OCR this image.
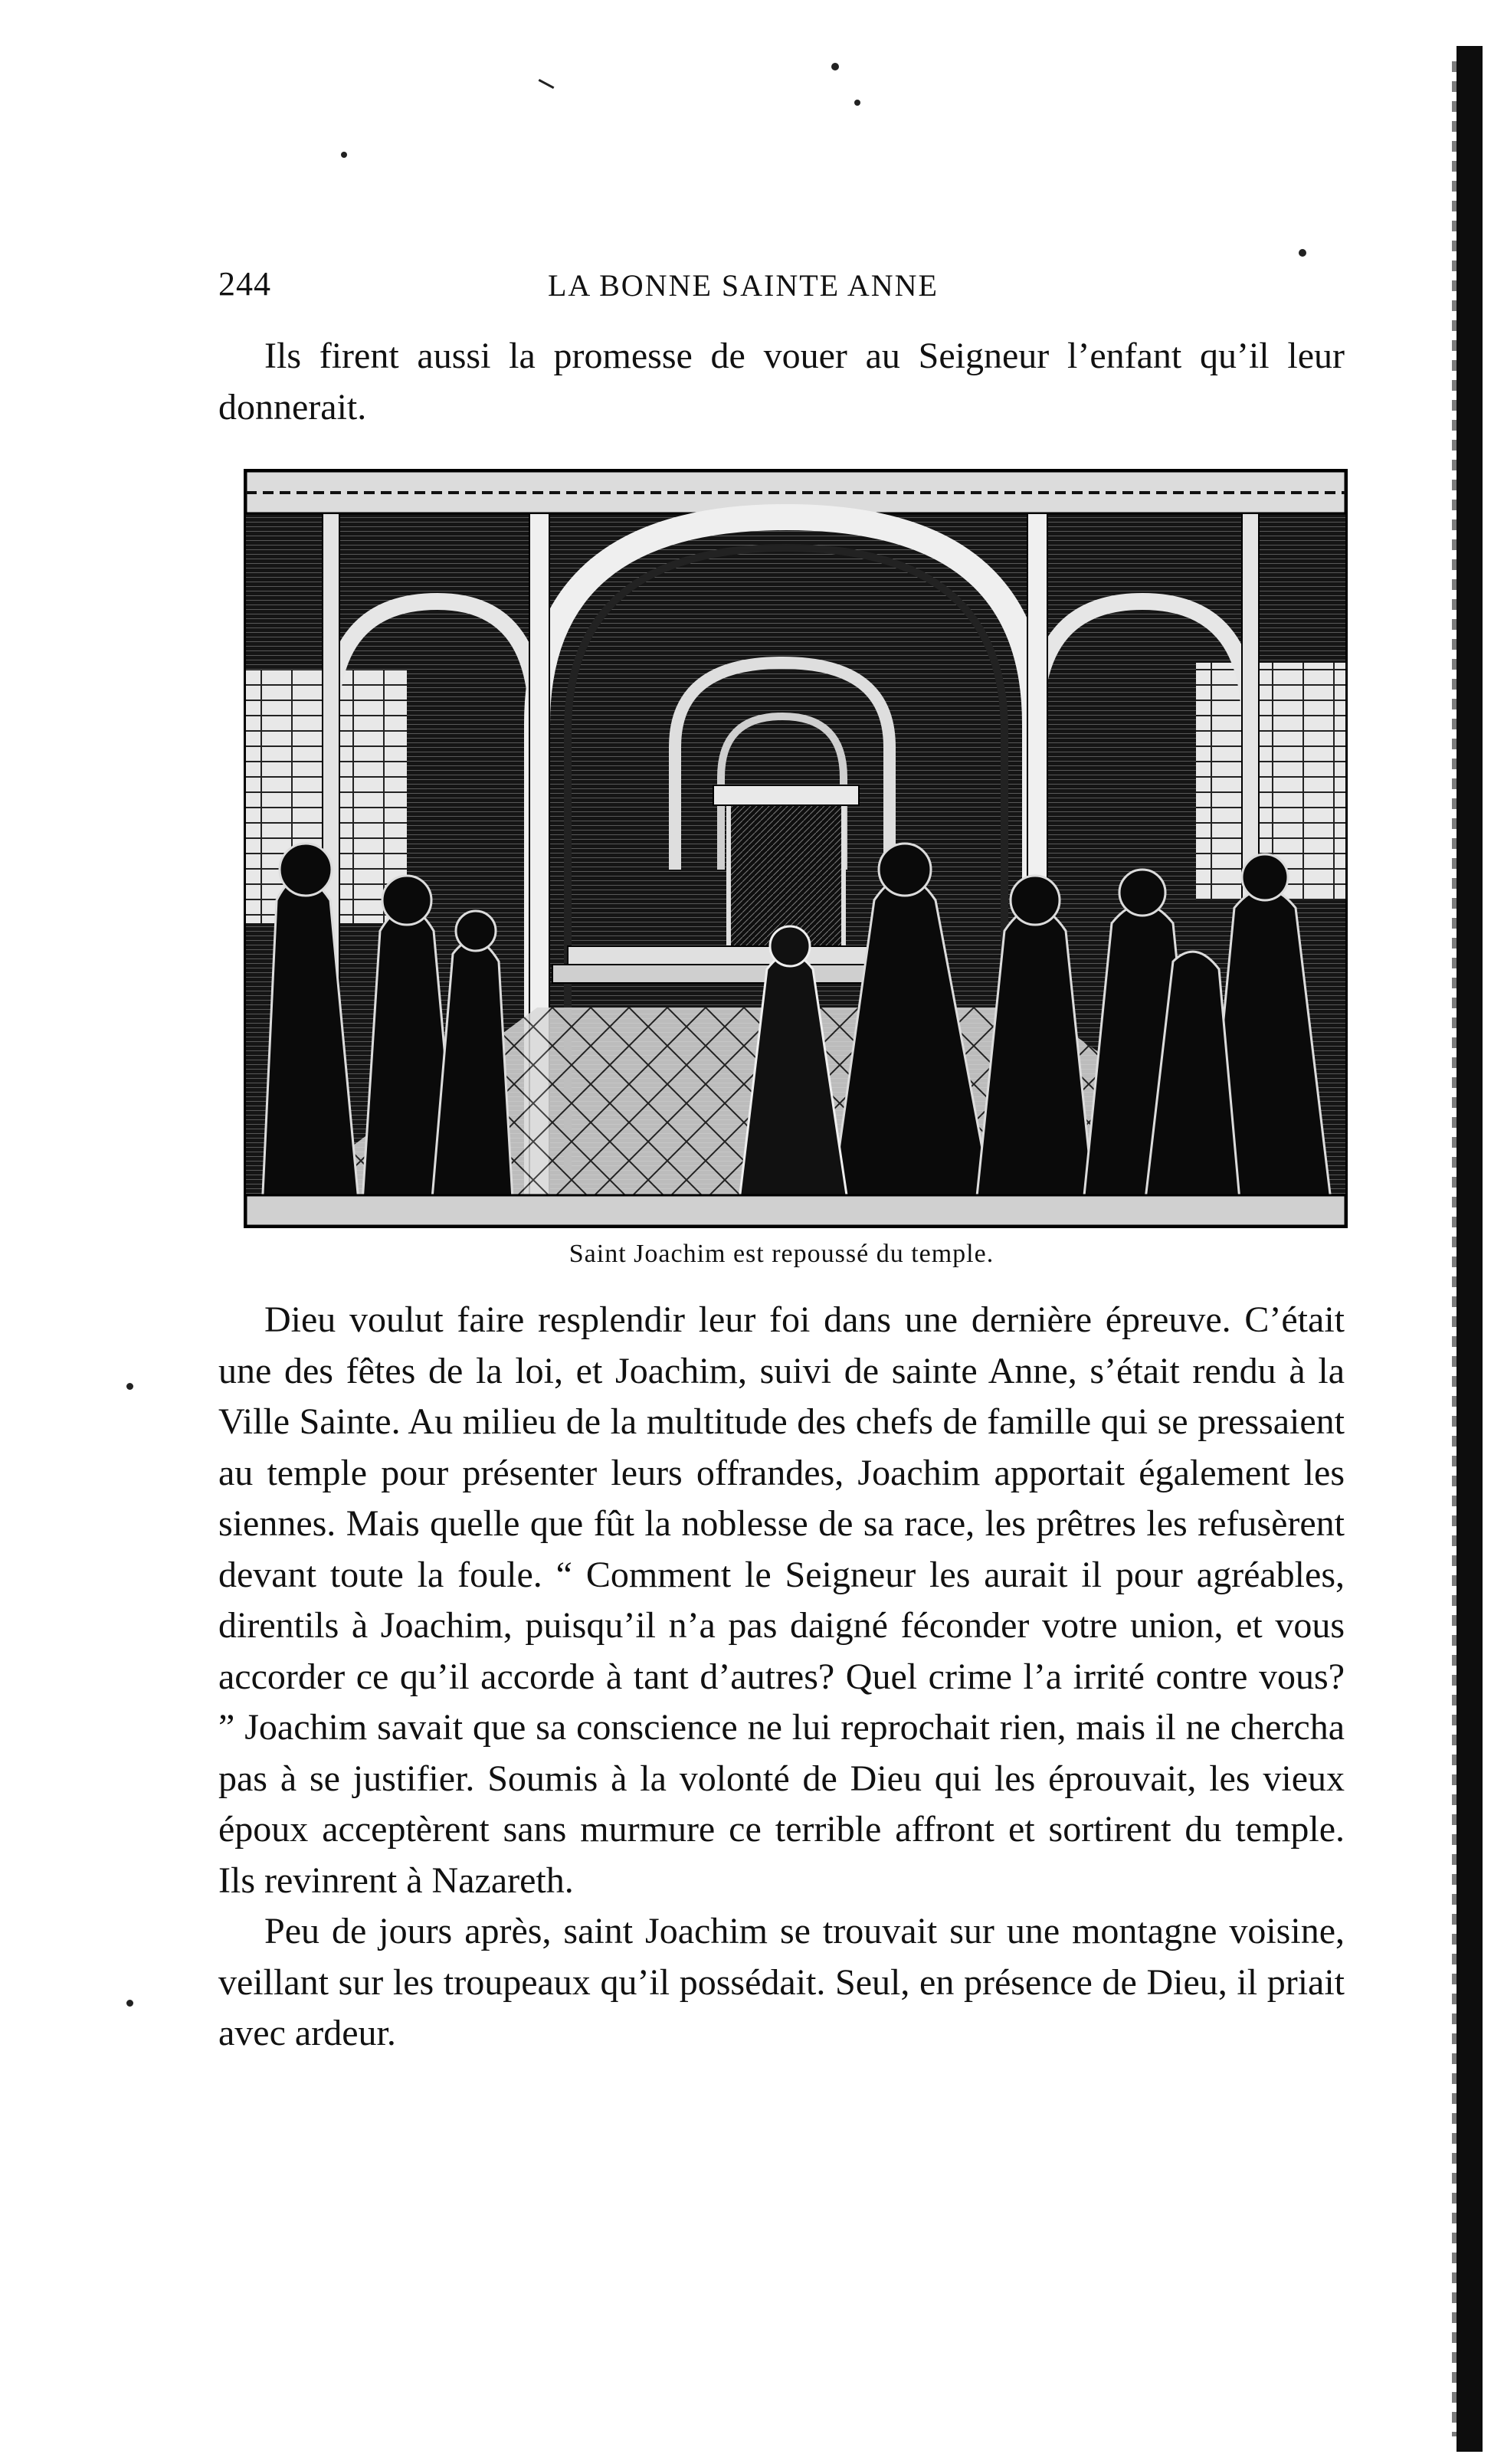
244	LA BONNE SAINTE ANNE

Ils firent aussi la promesse de vouer au Seigneur l’enfant qu’il leur donnerait.

Saint Joachim est repoussé du temple.

Dieu voulut faire resplendir leur foi dans une dernière épreuve. C’était une des fêtes de la loi, et Joachim, suivi de sainte Anne, s’était rendu à la Ville Sainte. Au milieu de la multitude des chefs de famille qui se pressaient au temple pour présenter leurs offrandes, Joachim apportait également les siennes. Mais quelle que fût la noblesse de sa race, les prêtres les refusèrent devant toute la foule. “ Comment le Seigneur les aurait il pour agréables, direntils à Joachim, puisqu’il n’a pas daigné féconder votre union, et vous accorder ce qu’il accorde à tant d’autres? Quel crime l’a irrité contre vous? ” Joachim savait que sa conscience ne lui reprochait rien, mais il ne chercha pas à se justifier. Soumis à la volonté de Dieu qui les éprouvait, les vieux époux acceptèrent sans murmure ce terrible affront et sortirent du temple. Ils revinrent à Nazareth.

Peu de jours après, saint Joachim se trouvait sur une montagne voisine, veillant sur les troupeaux qu’il possédait. Seul, en présence de Dieu, il priait avec ardeur.
